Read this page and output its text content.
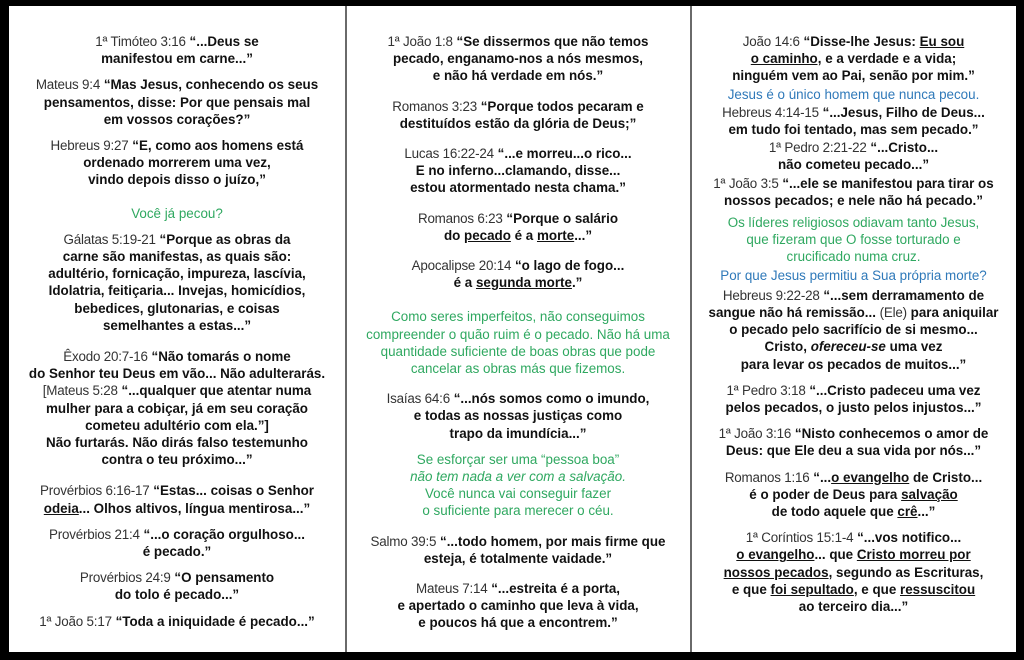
1ª Timóteo 3:16 “...Deus se
manifestou em carne...”
Mateus 9:4 “Mas Jesus, conhecendo os seus
pensamentos, disse: Por que pensais mal
em vossos corações?”
Hebreus 9:27 “E, como aos homens está
ordenado morrerem uma vez,
vindo depois disso o juízo,”
Você já pecou?
Gálatas 5:19-21 “Porque as obras da
carne são manifestas, as quais são:
adultério, fornicação, impureza, lascívia,
Idolatria, feitiçaria... Invejas, homicídios,
bebedices, glutonarias, e coisas
semelhantes a estas...”
Êxodo 20:7-16 “Não tomarás o nome
do Senhor teu Deus em vão... Não adulterarás.
[Mateus 5:28 “...qualquer que atentar numa
mulher para a cobiçar, já em seu coração
cometeu adultério com ela.”]
Não furtarás. Não dirás falso testemunho
contra o teu próximo...”
Provérbios 6:16-17 “Estas... coisas o Senhor
odeia... Olhos altivos, língua mentirosa...”
Provérbios 21:4 “...o coração orgulhoso...
é pecado.”
Provérbios 24:9 “O pensamento
do tolo é pecado...”
1ª João 5:17 “Toda a iniquidade é pecado...”
1ª João 1:8 “Se dissermos que não temos
pecado, enganamo-nos a nós mesmos,
e não há verdade em nós.”
Romanos 3:23 “Porque todos pecaram e
destituídos estão da glória de Deus;”
Lucas 16:22-24 “...e morreu...o rico...
E no inferno...clamando, disse...
estou atormentado nesta chama.”
Romanos 6:23 “Porque o salário
do pecado é a morte...”
Apocalipse 20:14 “o lago de fogo...
é a segunda morte.”
Como seres imperfeitos, não conseguimos
compreender o quão ruim é o pecado. Não há uma
quantidade suficiente de boas obras que pode
cancelar as obras más que fizemos.
Isaías 64:6 “...nós somos como o imundo,
e todas as nossas justiças como
trapo da imundícia...”
Se esforçar ser uma “pessoa boa”
não tem nada a ver com a salvação.
Você nunca vai conseguir fazer
o suficiente para merecer o céu.
Salmo 39:5 “...todo homem, por mais firme que
esteja, é totalmente vaidade.”
Mateus 7:14 “...estreita é a porta,
e apertado o caminho que leva à vida,
e poucos há que a encontrem.”
João 14:6 “Disse-lhe Jesus: Eu sou
o caminho, e a verdade e a vida;
ninguém vem ao Pai, senão por mim.”
Jesus é o único homem que nunca pecou.
Hebreus 4:14-15 “...Jesus, Filho de Deus...
em tudo foi tentado, mas sem pecado.”
1ª Pedro 2:21-22 “...Cristo...
não cometeu pecado...”
1ª João 3:5 “...ele se manifestou para tirar os
nossos pecados; e nele não há pecado.”
Os líderes religiosos odiavam tanto Jesus,
que fizeram que O fosse torturado e
crucificado numa cruz.
Por que Jesus permitiu a Sua própria morte?
Hebreus 9:22-28 “...sem derramamento de
sangue não há remissão... (Ele) para aniquilar
o pecado pelo sacrifício de si mesmo...
Cristo, ofereceu-se uma vez
para levar os pecados de muitos...”
1ª Pedro 3:18 “...Cristo padeceu uma vez
pelos pecados, o justo pelos injustos...”
1ª João 3:16 “Nisto conhecemos o amor de
Deus: que Ele deu a sua vida por nós...”
Romanos 1:16 “...o evangelho de Cristo...
é o poder de Deus para salvação
de todo aquele que crê...”
1ª Coríntios 15:1-4 “...vos notifico...
o evangelho... que Cristo morreu por
nossos pecados, segundo as Escrituras,
e que foi sepultado, e que ressuscitou
ao terceiro dia...”
